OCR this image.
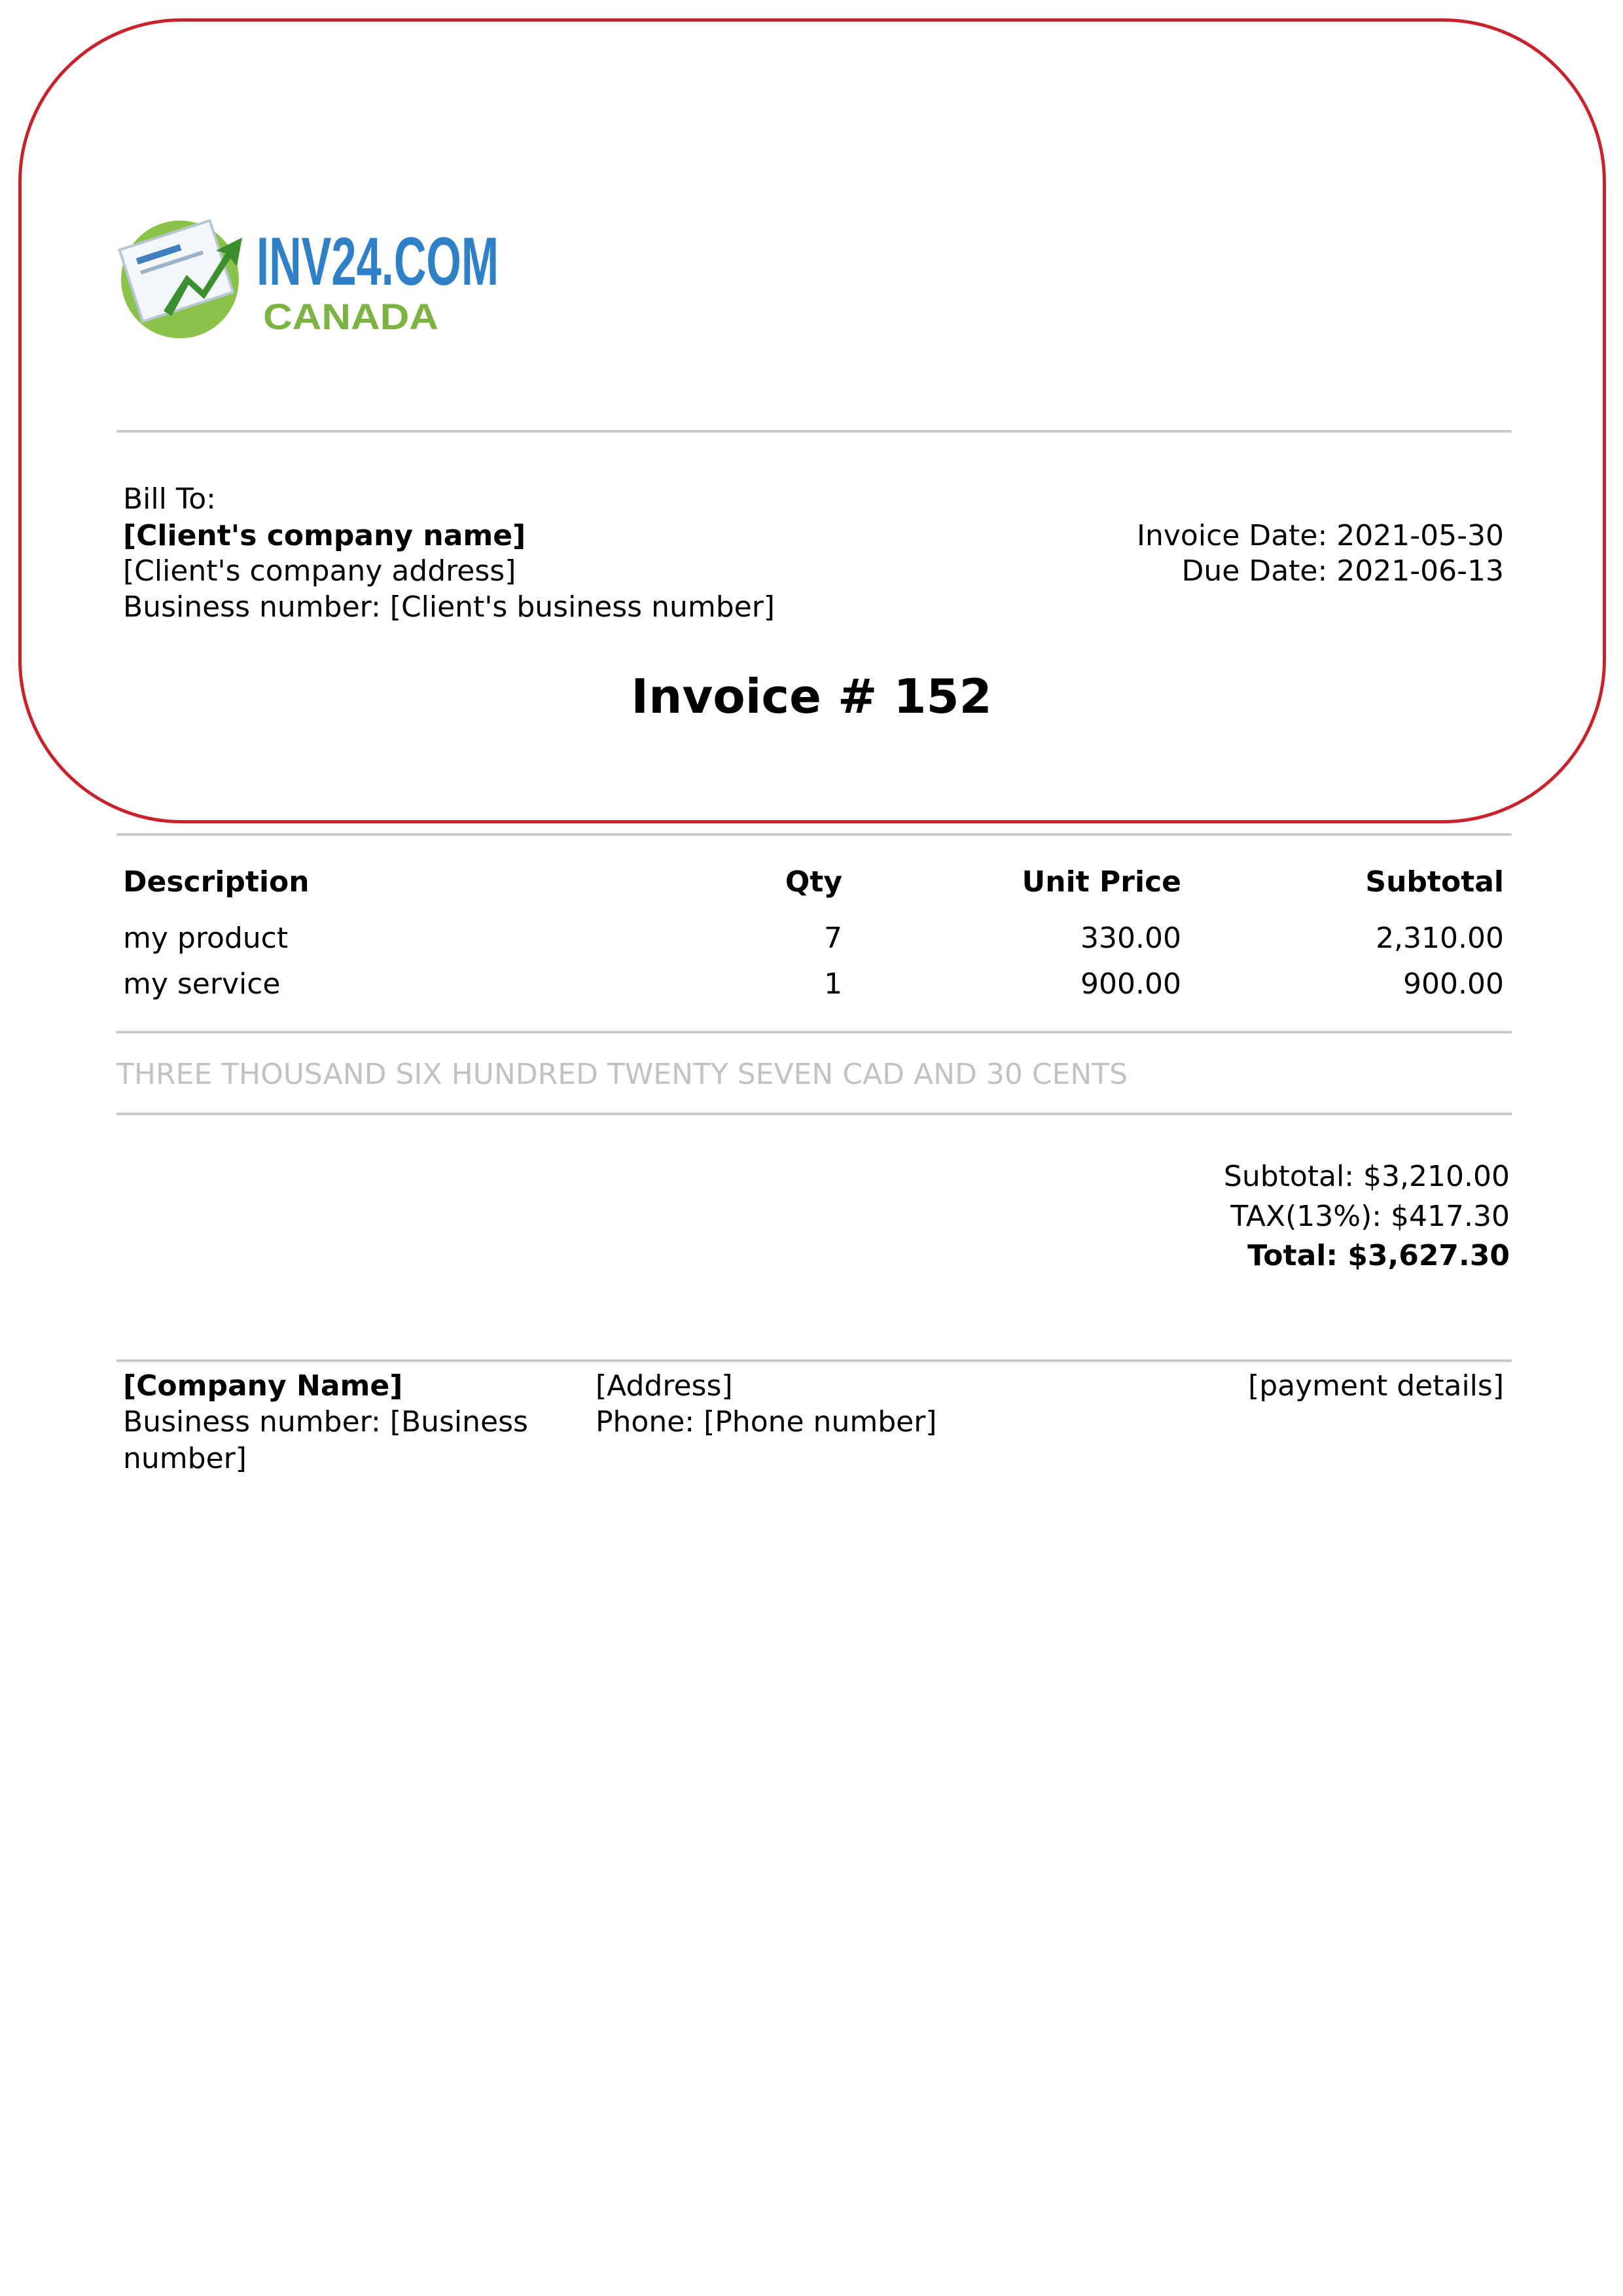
INV24.COM
CANADA
Bill To:
[Client's company name]
[Client's company address]
Business number: [Client's business number]
Invoice Date: 2021-05-30
Due Date: 2021-06-13
Invoice # 152
Description	Qty	Unit Price	Subtotal
my product	7	330.00	2,310.00
my service	1	900.00	900.00
THREE THOUSAND SIX HUNDRED TWENTY SEVEN CAD AND 30 CENTS
Subtotal: $3,210.00
TAX(13%): $417.30
Total: $3,627.30
[Company Name]
Business number: [Business number]
[Address]
Phone: [Phone number]
[payment details]
